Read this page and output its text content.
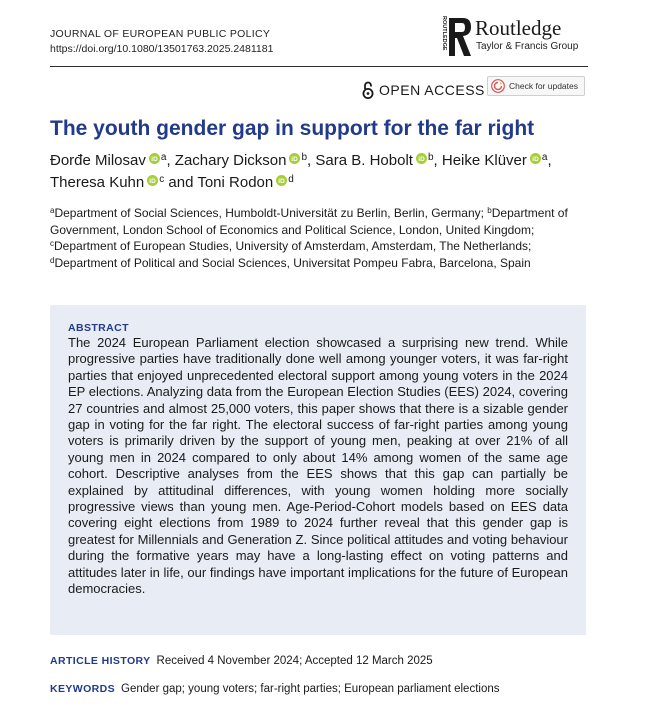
JOURNAL OF EUROPEAN PUBLIC POLICY
https://doi.org/10.1080/13501763.2025.2481181	ROUTLEDGE Routledge
Taylor & Francis Group
OPEN ACCESS	Check for updates
The youth gender gap in support for the far right
Đorđe Milosav iD $^a$, Zachary Dickson iD $^b$, Sara B. Hobolt iD $^b$, Heike Klüver iD $^a$,
Theresa Kuhn iD $^c$ and Toni Rodon iD $^d$
$^a$Department of Social Sciences, Humboldt-Universität zu Berlin, Berlin, Germany; $^b$Department of Government, London School of Economics and Political Science, London, United Kingdom; $^c$Department of European Studies, University of Amsterdam, Amsterdam, The Netherlands; $^d$Department of Political and Social Sciences, Universitat Pompeu Fabra, Barcelona, Spain
ABSTRACT

The 2024 European Parliament election showcased a surprising new trend. While progressive parties have traditionally done well among younger voters, it was far-right parties that enjoyed unprecedented electoral support among young voters in the 2024 EP elections. Analyzing data from the European Election Studies (EES) 2024, covering 27 countries and almost 25,000 voters, this paper shows that there is a sizable gender gap in voting for the far right. The electoral success of far-right parties among young voters is primarily driven by the support of young men, peaking at over 21% of all young men in 2024 compared to only about 14% among women of the same age cohort. Descriptive analyses from the EES shows that this gap can partially be explained by attitudinal differences, with young women holding more socially progressive views than young men. Age-Period-Cohort models based on EES data covering eight elections from 1989 to 2024 further reveal that this gender gap is greatest for Millennials and Generation Z. Since political attitudes and voting behaviour during the formative years may have a long-lasting effect on voting patterns and attitudes later in life, our findings have important implications for the future of European democracies.

ARTICLE HISTORY Received 4 November 2024; Accepted 12 March 2025
KEYWORDS Gender gap; young voters; far-right parties; European parliament elections
